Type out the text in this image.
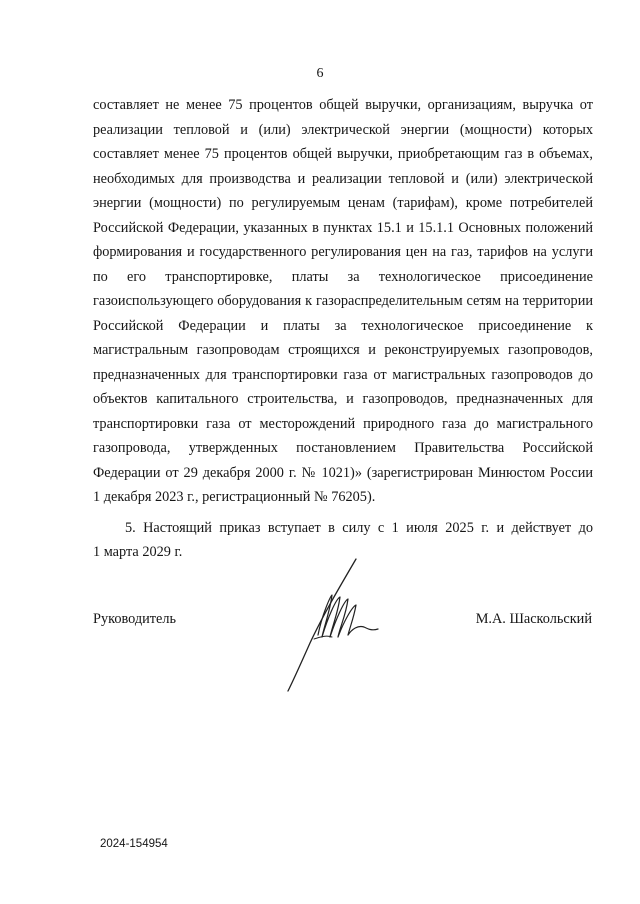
6
составляет не менее 75 процентов общей выручки, организациям, выручка от
реализации тепловой и (или) электрической энергии (мощности) которых
составляет менее 75 процентов общей выручки, приобретающим газ в объемах,
необходимых для производства и реализации тепловой и (или) электрической
энергии (мощности) по регулируемым ценам (тарифам), кроме потребителей
Российской Федерации, указанных в пунктах 15.1 и 15.1.1 Основных положений
формирования и государственного регулирования цен на газ, тарифов на услуги
по его транспортировке, платы за технологическое присоединение
газоиспользующего оборудования к газораспределительным сетям на территории
Российской Федерации и платы за технологическое присоединение к
магистральным газопроводам строящихся и реконструируемых газопроводов,
предназначенных для транспортировки газа от магистральных газопроводов до
объектов капитального строительства, и газопроводов, предназначенных для
транспортировки газа от месторождений природного газа до магистрального
газопровода, утвержденных постановлением Правительства Российской
Федерации от 29 декабря 2000 г. № 1021)» (зарегистрирован Минюстом России
1 декабря 2023 г., регистрационный № 76205).
5. Настоящий приказ вступает в силу с 1 июля 2025 г. и действует до
1 марта 2029 г.
Руководитель	М.А. Шаскольский
2024-154954
